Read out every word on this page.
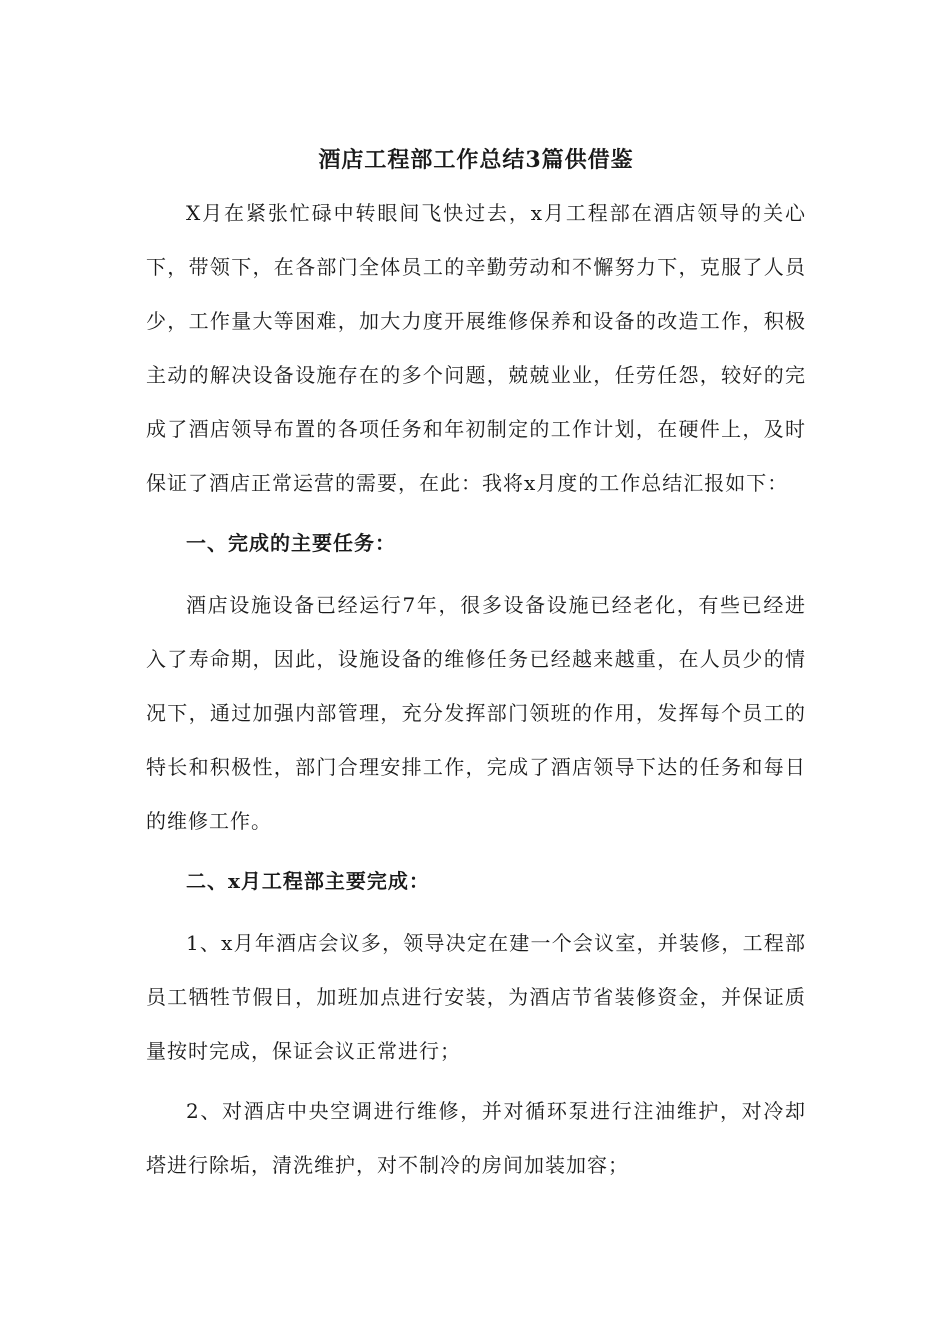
酒店工程部工作总结3篇供借鉴

X月在紧张忙碌中转眼间飞快过去，x月工程部在酒店领导的关心下，带领下，在各部门全体员工的辛勤劳动和不懈努力下，克服了人员少，工作量大等困难，加大力度开展维修保养和设备的改造工作，积极主动的解决设备设施存在的多个问题，兢兢业业，任劳任怨，较好的完成了酒店领导布置的各项任务和年初制定的工作计划，在硬件上，及时保证了酒店正常运营的需要，在此：我将x月度的工作总结汇报如下：

一、完成的主要任务：

酒店设施设备已经运行7年，很多设备设施已经老化，有些已经进入了寿命期，因此，设施设备的维修任务已经越来越重，在人员少的情况下，通过加强内部管理，充分发挥部门领班的作用，发挥每个员工的特长和积极性，部门合理安排工作，完成了酒店领导下达的任务和每日的维修工作。

二、x月工程部主要完成：

1、x月年酒店会议多，领导决定在建一个会议室，并装修，工程部员工牺牲节假日，加班加点进行安装，为酒店节省装修资金，并保证质量按时完成，保证会议正常进行；

2、对酒店中央空调进行维修，并对循环泵进行注油维护，对冷却塔进行除垢，清洗维护，对不制冷的房间加装加容；
